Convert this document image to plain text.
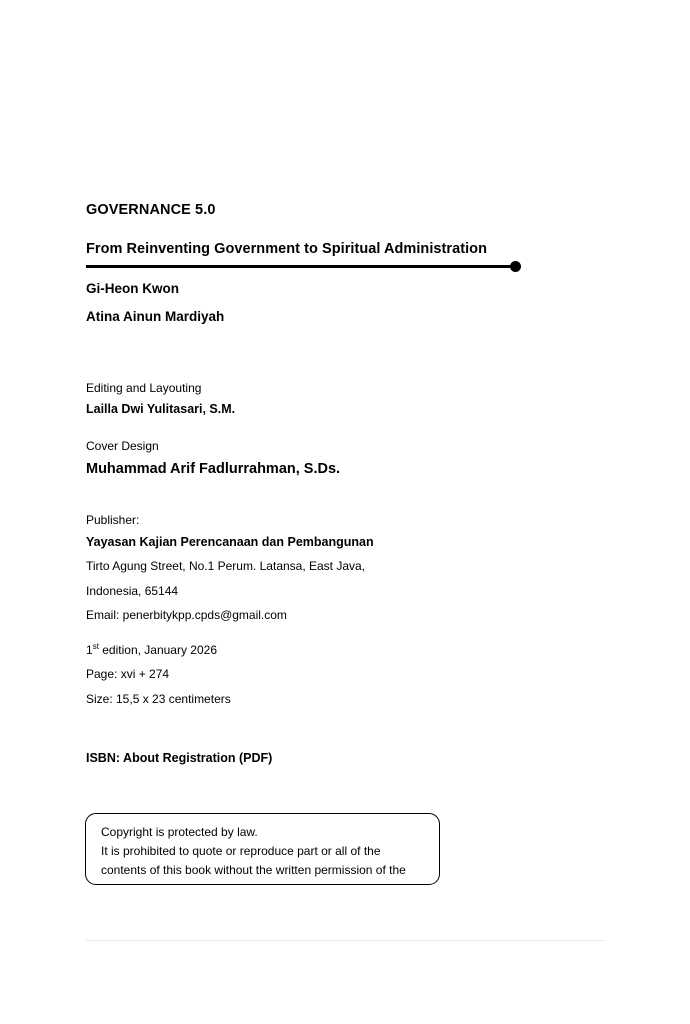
GOVERNANCE 5.0
From Reinventing Government to Spiritual Administration

Gi-Heon Kwon

Atina Ainun Mardiyah

Editing and Layouting

Lailla Dwi Yulitasari, S.M.

Cover Design

Muhammad Arif Fadlurrahman, S.Ds.

Publisher:

Yayasan Kajian Perencanaan dan Pembangunan

Tirto Agung Street, No.1 Perum. Latansa, East Java,

Indonesia, 65144

Email: penerbitykpp.cpds@gmail.com

1st edition, January 2026

Page: xvi + 274

Size: 15,5 x 23 centimeters

ISBN: About Registration (PDF)

Copyright is protected by law.

It is prohibited to quote or reproduce part or all of the

contents of this book without the written permission of the
